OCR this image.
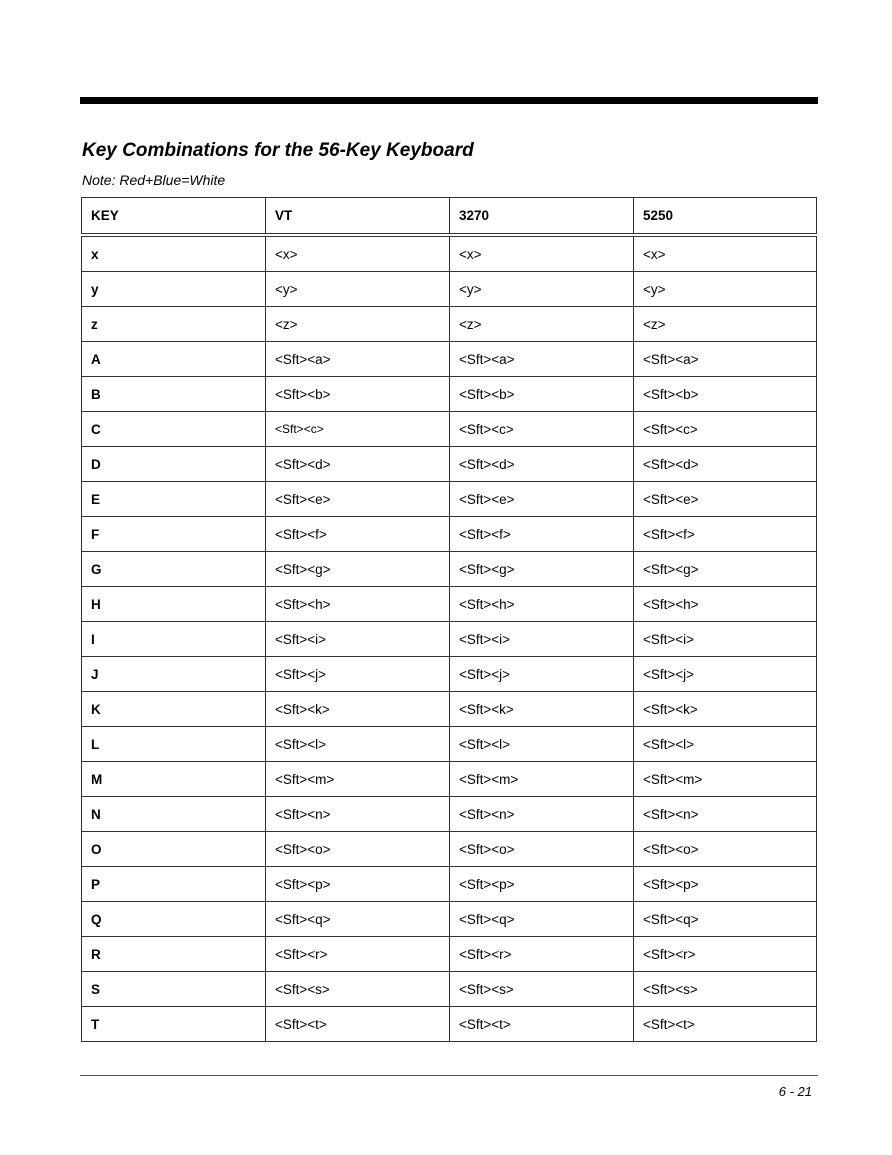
Key Combinations for the 56-Key Keyboard

Note: Red+Blue=White

KEY	VT	3270	5250
x	<x>	<x>	<x>
y	<y>	<y>	<y>
z	<z>	<z>	<z>
A	<Sft><a>	<Sft><a>	<Sft><a>
B	<Sft><b>	<Sft><b>	<Sft><b>
C	<Sft><c>	<Sft><c>	<Sft><c>
D	<Sft><d>	<Sft><d>	<Sft><d>
E	<Sft><e>	<Sft><e>	<Sft><e>
F	<Sft><f>	<Sft><f>	<Sft><f>
G	<Sft><g>	<Sft><g>	<Sft><g>
H	<Sft><h>	<Sft><h>	<Sft><h>
I	<Sft><i>	<Sft><i>	<Sft><i>
J	<Sft><j>	<Sft><j>	<Sft><j>
K	<Sft><k>	<Sft><k>	<Sft><k>
L	<Sft><l>	<Sft><l>	<Sft><l>
M	<Sft><m>	<Sft><m>	<Sft><m>
N	<Sft><n>	<Sft><n>	<Sft><n>
O	<Sft><o>	<Sft><o>	<Sft><o>
P	<Sft><p>	<Sft><p>	<Sft><p>
Q	<Sft><q>	<Sft><q>	<Sft><q>
R	<Sft><r>	<Sft><r>	<Sft><r>
S	<Sft><s>	<Sft><s>	<Sft><s>
T	<Sft><t>	<Sft><t>	<Sft><t>
6 - 21
